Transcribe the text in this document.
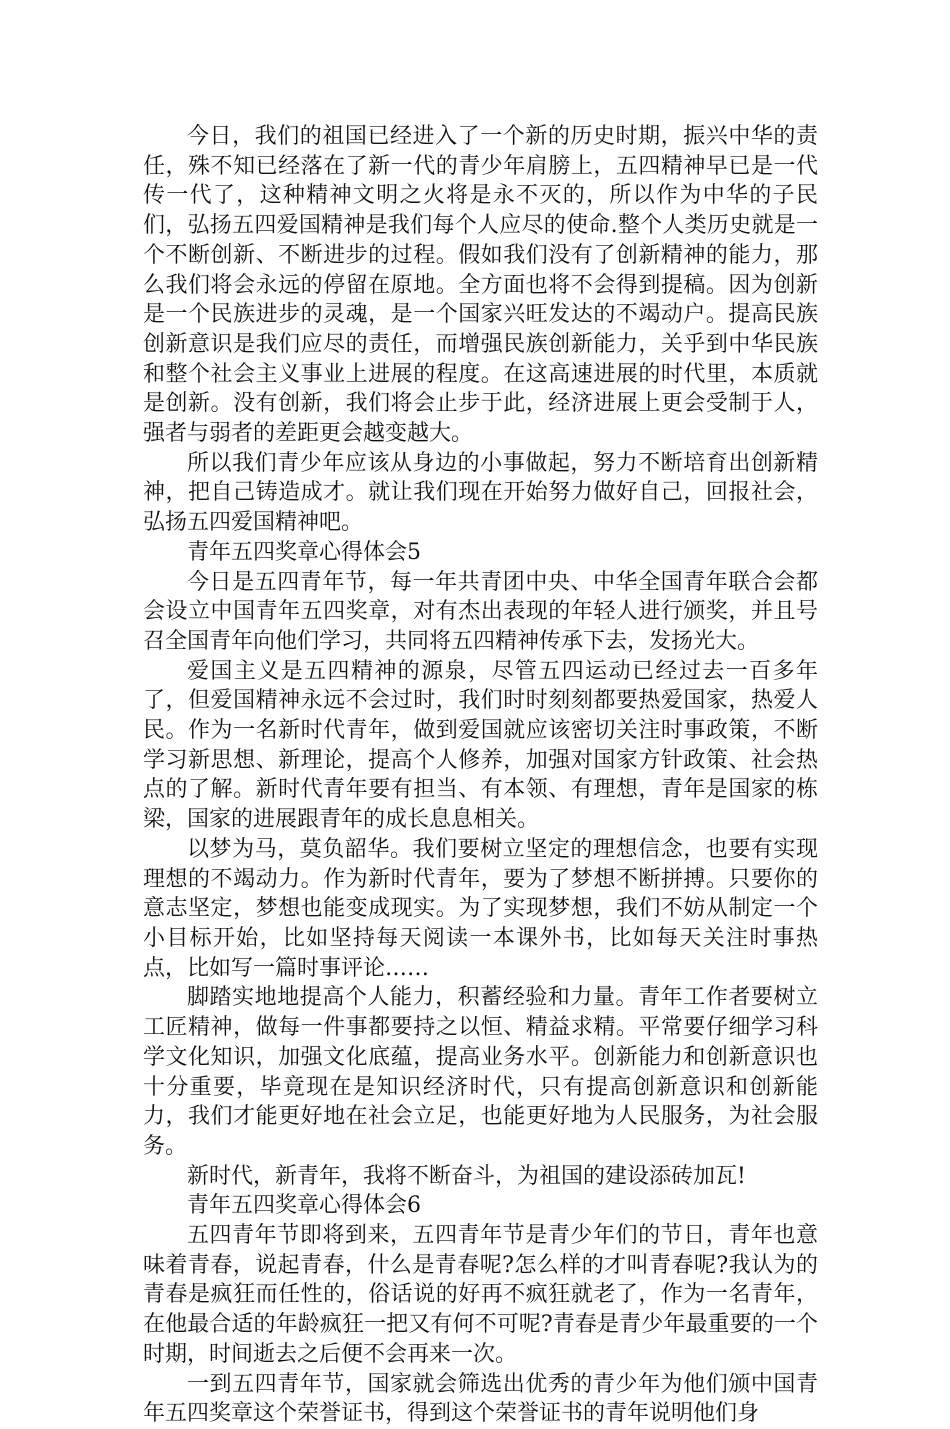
今日，我们的祖国已经进入了一个新的历史时期，振兴中华的责任，殊不知已经落在了新一代的青少年肩膀上，五四精神早已是一代传一代了，这种精神文明之火将是永不灭的，所以作为中华的子民们，弘扬五四爱国精神是我们每个人应尽的使命.整个人类历史就是一个不断创新、不断进步的过程。假如我们没有了创新精神的能力，那么我们将会永远的停留在原地。全方面也将不会得到提稿。因为创新是一个民族进步的灵魂，是一个国家兴旺发达的不竭动户。提高民族创新意识是我们应尽的责任，而增强民族创新能力，关乎到中华民族和整个社会主义事业上进展的程度。在这高速进展的时代里，本质就是创新。没有创新，我们将会止步于此，经济进展上更会受制于人，强者与弱者的差距更会越变越大。

所以我们青少年应该从身边的小事做起，努力不断培育出创新精神，把自己铸造成才。就让我们现在开始努力做好自己，回报社会，弘扬五四爱国精神吧。

青年五四奖章心得体会5

今日是五四青年节，每一年共青团中央、中华全国青年联合会都会设立中国青年五四奖章，对有杰出表现的年轻人进行颁奖，并且号召全国青年向他们学习，共同将五四精神传承下去，发扬光大。

爱国主义是五四精神的源泉，尽管五四运动已经过去一百多年了，但爱国精神永远不会过时，我们时时刻刻都要热爱国家，热爱人民。作为一名新时代青年，做到爱国就应该密切关注时事政策，不断学习新思想、新理论，提高个人修养，加强对国家方针政策、社会热点的了解。新时代青年要有担当、有本领、有理想，青年是国家的栋梁，国家的进展跟青年的成长息息相关。

以梦为马，莫负韶华。我们要树立坚定的理想信念，也要有实现理想的不竭动力。作为新时代青年，要为了梦想不断拼搏。只要你的意志坚定，梦想也能变成现实。为了实现梦想，我们不妨从制定一个小目标开始，比如坚持每天阅读一本课外书，比如每天关注时事热点，比如写一篇时事评论……

脚踏实地地提高个人能力，积蓄经验和力量。青年工作者要树立工匠精神，做每一件事都要持之以恒、精益求精。平常要仔细学习科学文化知识，加强文化底蕴，提高业务水平。创新能力和创新意识也十分重要，毕竟现在是知识经济时代，只有提高创新意识和创新能力，我们才能更好地在社会立足，也能更好地为人民服务，为社会服务。

新时代，新青年，我将不断奋斗，为祖国的建设添砖加瓦!

青年五四奖章心得体会6

五四青年节即将到来，五四青年节是青少年们的节日，青年也意味着青春，说起青春，什么是青春呢?怎么样的才叫青春呢?我认为的青春是疯狂而任性的，俗话说的好再不疯狂就老了，作为一名青年，在他最合适的年龄疯狂一把又有何不可呢?青春是青少年最重要的一个时期，时间逝去之后便不会再来一次。

一到五四青年节，国家就会筛选出优秀的青少年为他们颁中国青年五四奖章这个荣誉证书，得到这个荣誉证书的青年说明他们身
